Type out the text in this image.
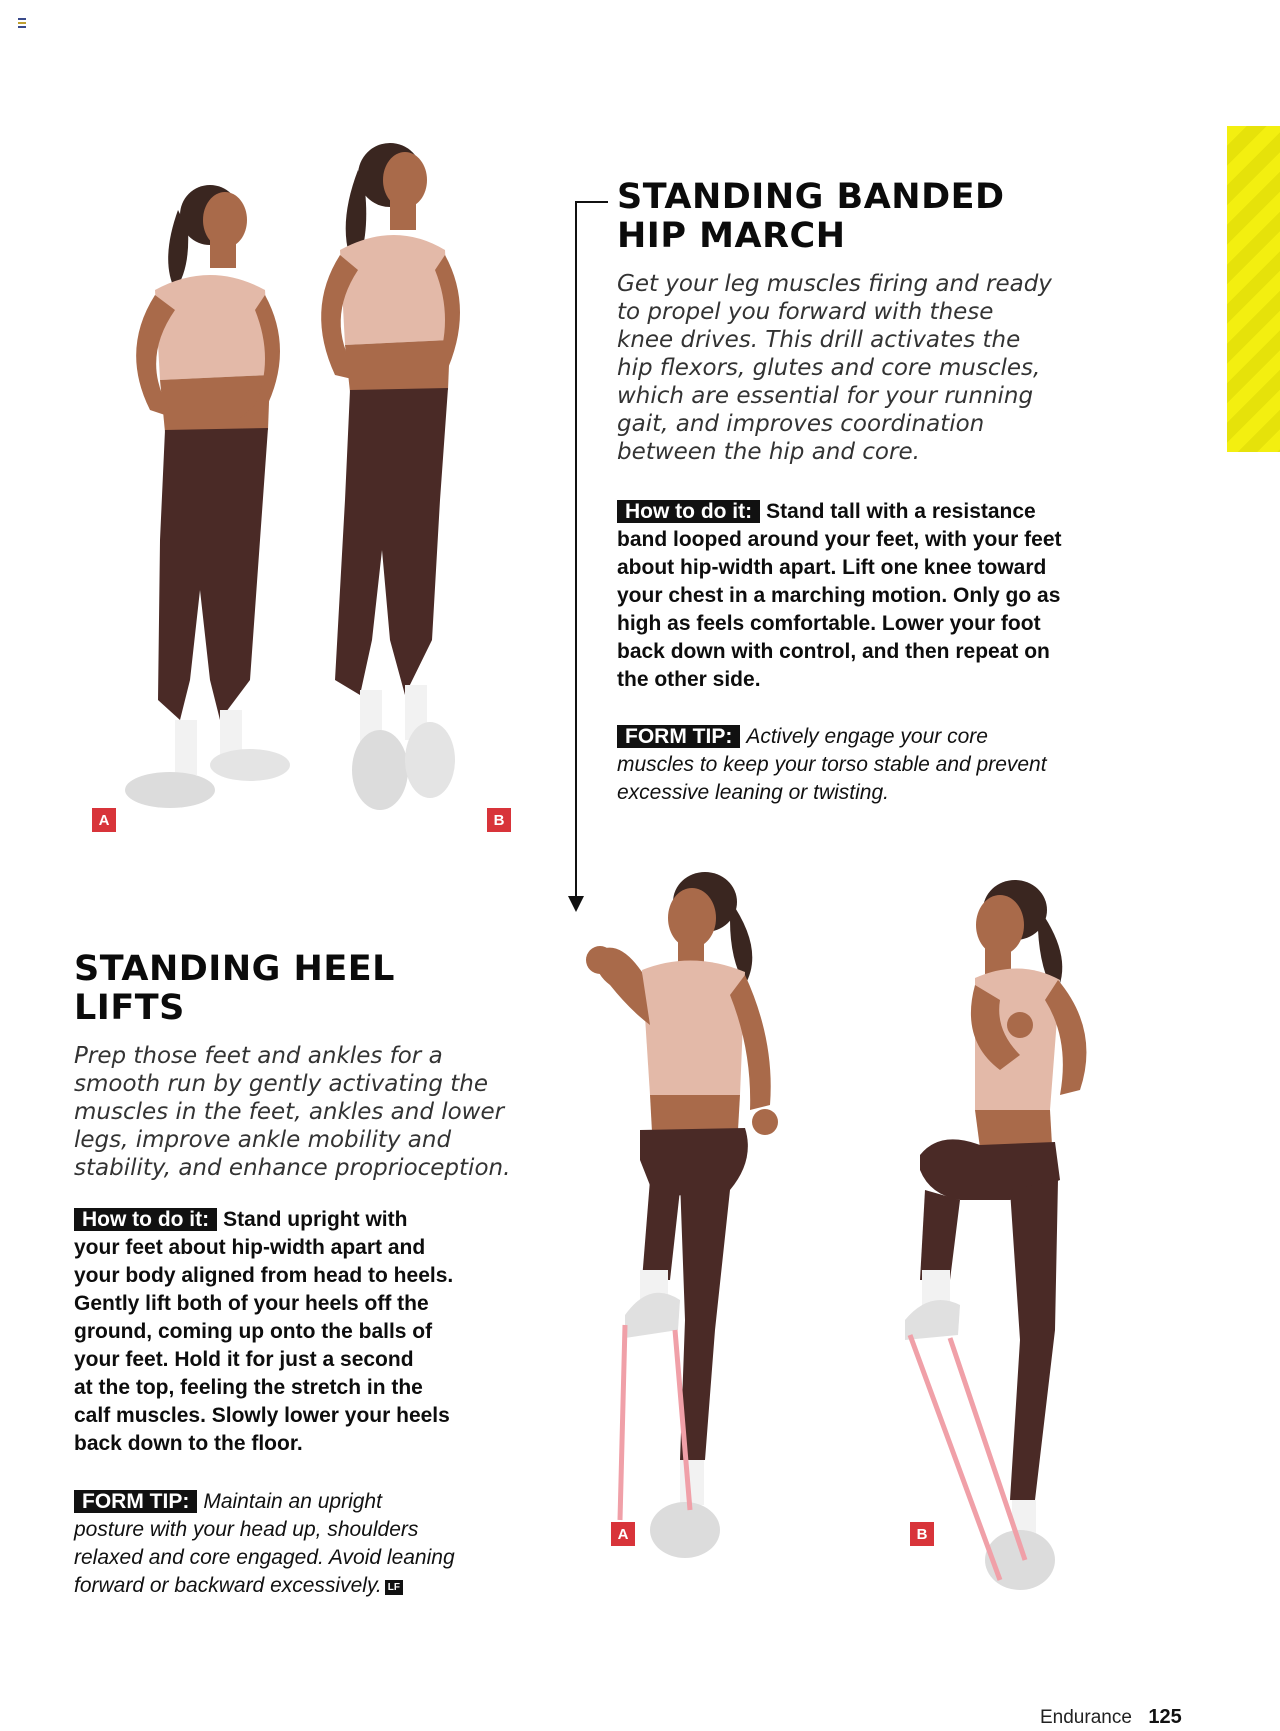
A	B
STANDING BANDED
HIP MARCH
Get your leg muscles firing and ready
to propel you forward with these
knee drives. This drill activates the
hip flexors, glutes and core muscles,
which are essential for your running
gait, and improves coordination
between the hip and core.
How to do it: Stand tall with a resistance
band looped around your feet, with your feet
about hip-width apart. Lift one knee toward
your chest in a marching motion. Only go as
high as feels comfortable. Lower your foot
back down with control, and then repeat on
the other side.
FORM TIP: Actively engage your core
muscles to keep your torso stable and prevent
excessive leaning or twisting.
STANDING HEEL
LIFTS
Prep those feet and ankles for a
smooth run by gently activating the
muscles in the feet, ankles and lower
legs, improve ankle mobility and
stability, and enhance proprioception.
How to do it: Stand upright with
your feet about hip-width apart and
your body aligned from head to heels.
Gently lift both of your heels off the
ground, coming up onto the balls of
your feet. Hold it for just a second
at the top, feeling the stretch in the
calf muscles. Slowly lower your heels
back down to the floor.
FORM TIP: Maintain an upright
posture with your head up, shoulders
relaxed and core engaged. Avoid leaning
forward or backward excessively. LF
A	B
Endurance 125
